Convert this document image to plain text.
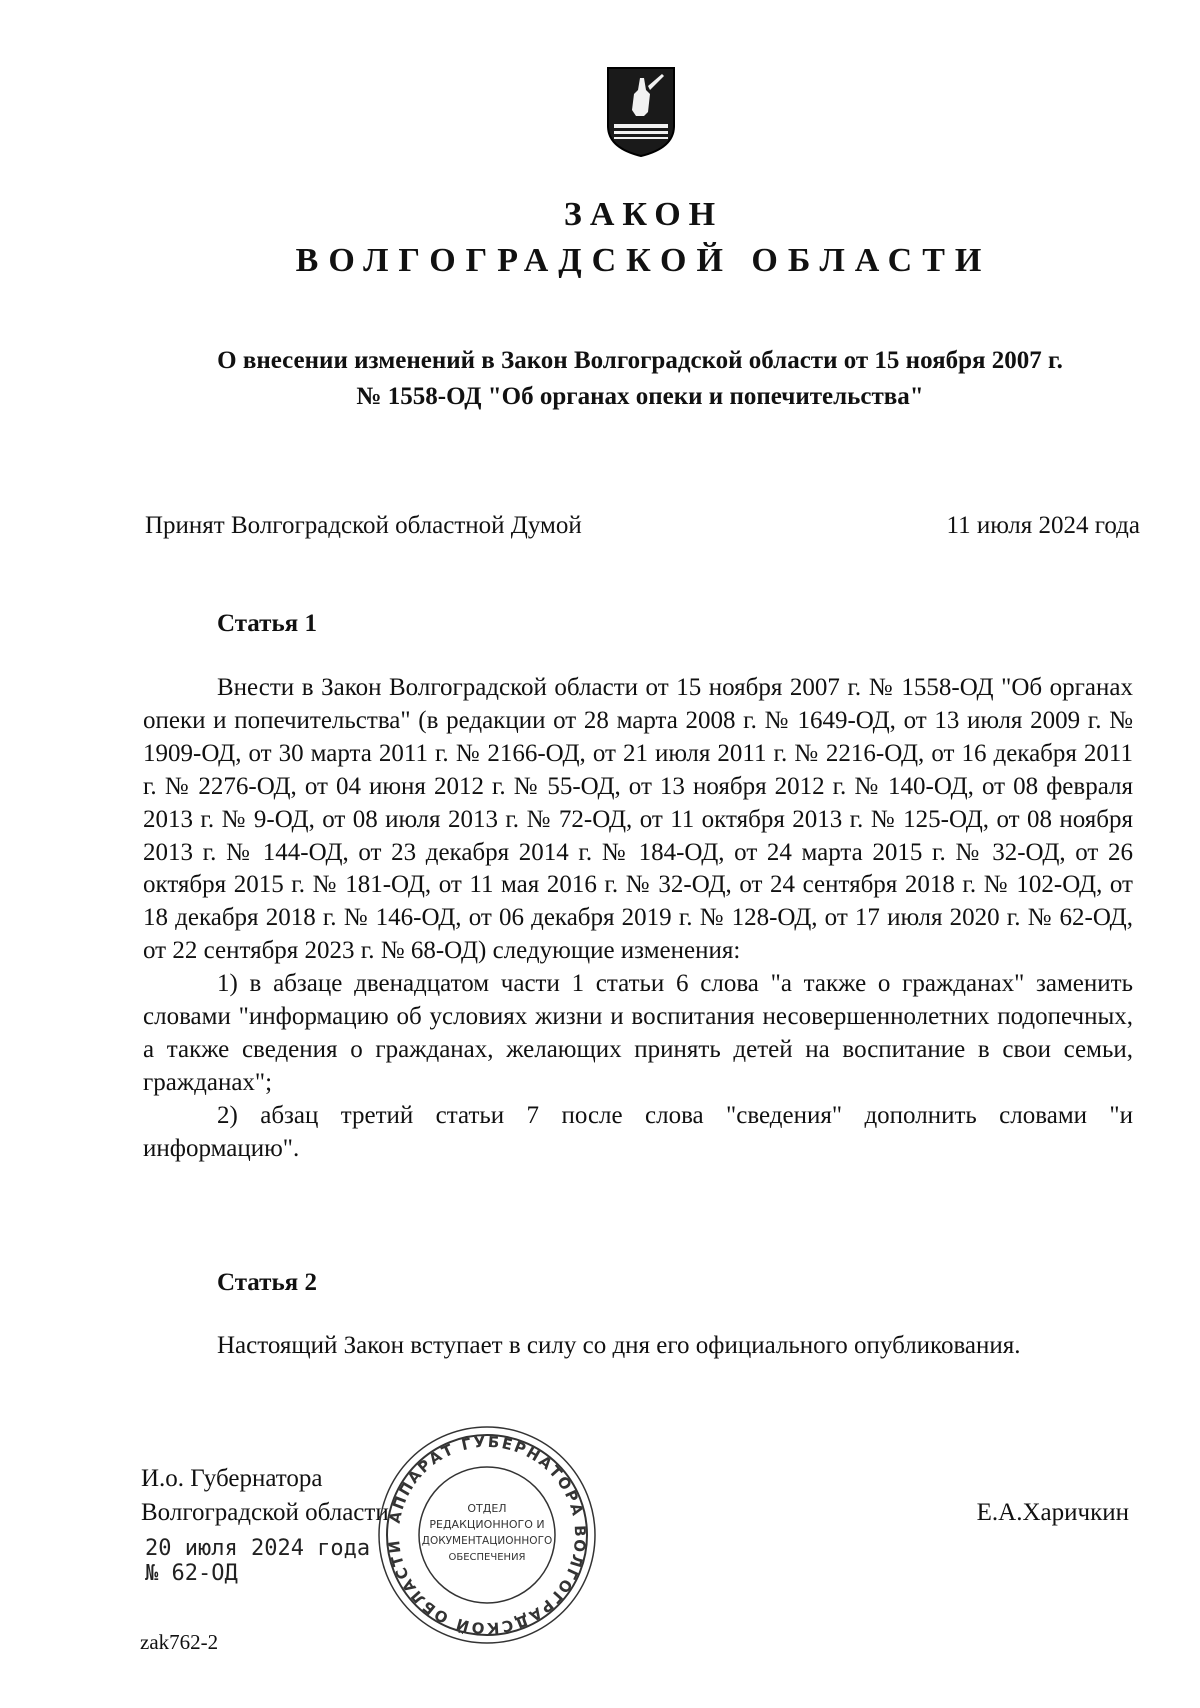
ЗАКОН
ВОЛГОГРАДСКОЙ ОБЛАСТИ
О внесении изменений в Закон Волгоградской области от 15 ноября 2007 г.
№ 1558-ОД "Об органах опеки и попечительства"
Принят Волгоградской областной Думой	11 июля 2024 года
Статья 1

Внести в Закон Волгоградской области от 15 ноября 2007 г. № 1558-ОД "Об органах опеки и попечительства" (в редакции от 28 марта 2008 г. № 1649-ОД, от 13 июля 2009 г. № 1909-ОД, от 30 марта 2011 г. № 2166-ОД, от 21 июля 2011 г. № 2216-ОД, от 16 декабря 2011 г. № 2276-ОД, от 04 июня 2012 г. № 55-ОД, от 13 ноября 2012 г. № 140-ОД, от 08 февраля 2013 г. № 9-ОД, от 08 июля 2013 г. № 72-ОД, от 11 октября 2013 г. № 125-ОД, от 08 ноября 2013 г. № 144-ОД, от 23 декабря 2014 г. № 184-ОД, от 24 марта 2015 г. № 32-ОД, от 26 октября 2015 г. № 181-ОД, от 11 мая 2016 г. № 32-ОД, от 24 сентября 2018 г. № 102-ОД, от 18 декабря 2018 г. № 146-ОД, от 06 декабря 2019 г. № 128-ОД, от 17 июля 2020 г. № 62-ОД, от 22 сентября 2023 г. № 68-ОД) следующие изменения:

1) в абзаце двенадцатом части 1 статьи 6 слова "а также о гражданах" заменить словами "информацию об условиях жизни и воспитания несовершеннолетних подопечных, а также сведения о гражданах, желающих принять детей на воспитание в свои семьи, гражданах";

2) абзац третий статьи 7 после слова "сведения" дополнить словами "и информацию".

Статья 2

Настоящий Закон вступает в силу со дня его официального опубликования.

И.о. Губернатора
Волгоградской области	Е.А.Харичкин
20 июля 2024 года
№ 62-ОД
zak762-2
АППАРАТ ГУБЕРНАТОРА ВОЛГОГРАДСКОЙ ОБЛАСТИ
ОТДЕЛ
РЕДАКЦИОННОГО И
ДОКУМЕНТАЦИОННОГО
ОБЕСПЕЧЕНИЯ
